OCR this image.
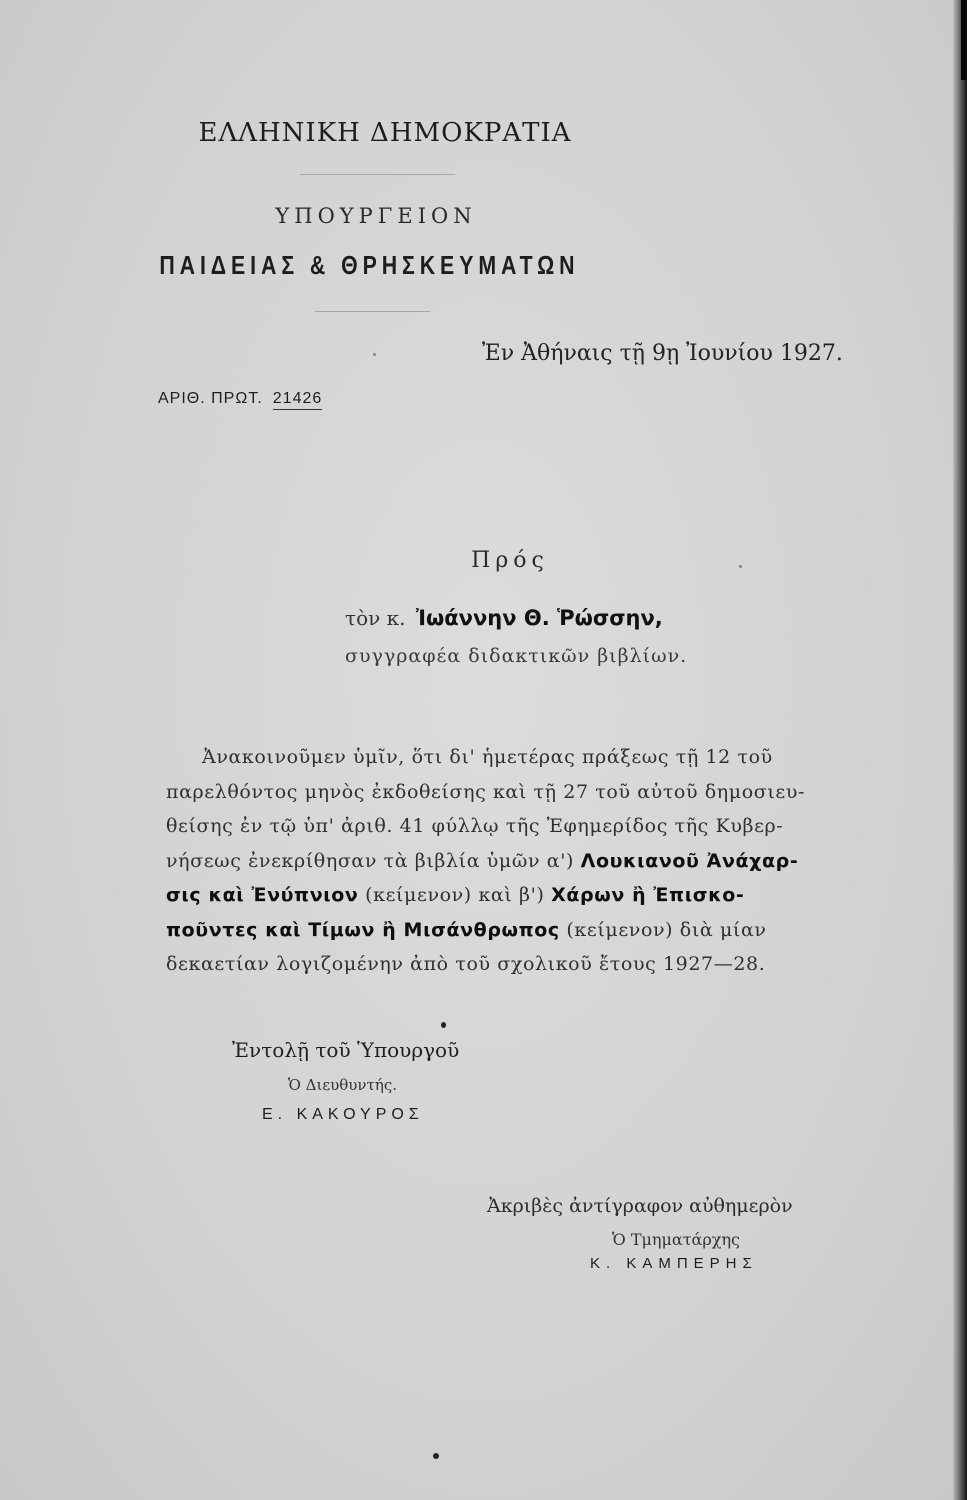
ΕΛΛΗΝΙΚΗ ΔΗΜΟΚΡΑΤΙΑ
ΥΠΟΥΡΓΕΙΟΝ
ΠΑΙΔΕΙΑΣ & ΘΡΗΣΚΕΥΜΑΤΩΝ
Ἐν Ἀθήναις τῇ 9ῃ Ἰουνίου 1927.
ΑΡΙΘ. ΠΡΩΤ. 21426
Πρός
τὸν κ. Ἰωάννην Θ. Ῥώσσην,
συγγραφέα διδακτικῶν βιβλίων.
Ἀνακοινοῦμεν ὑμῖν, ὅτι δι' ἡμετέρας πράξεως τῇ 12 τοῦ
παρελθόντος μηνὸς ἐκδοθείσης καὶ τῇ 27 τοῦ αὐτοῦ δημοσιευ-
θείσης ἐν τῷ ὑπ' ἀριθ. 41 φύλλῳ τῆς Ἐφημερίδος τῆς Κυβερ-
νήσεως ἐνεκρίθησαν τὰ βιβλία ὑμῶν α') Λουκιανοῦ Ἀνάχαρ-
σις καὶ Ἐνύπνιον (κείμενον) καὶ β') Χάρων ἢ Ἐπισκο-
ποῦντες καὶ Τίμων ἢ Μισάνθρωπος (κείμενον) διὰ μίαν
δεκαετίαν λογιζομένην ἀπὸ τοῦ σχολικοῦ ἔτους 1927—28.
Ἐντολῇ τοῦ Ὑπουργοῦ
Ὁ Διευθυντής.
Ε. ΚΑΚΟΥΡΟΣ
Ἀκριβὲς ἀντίγραφον αὐθημερὸν
Ὁ Τμηματάρχης
Κ. ΚΑΜΠΕΡΗΣ
